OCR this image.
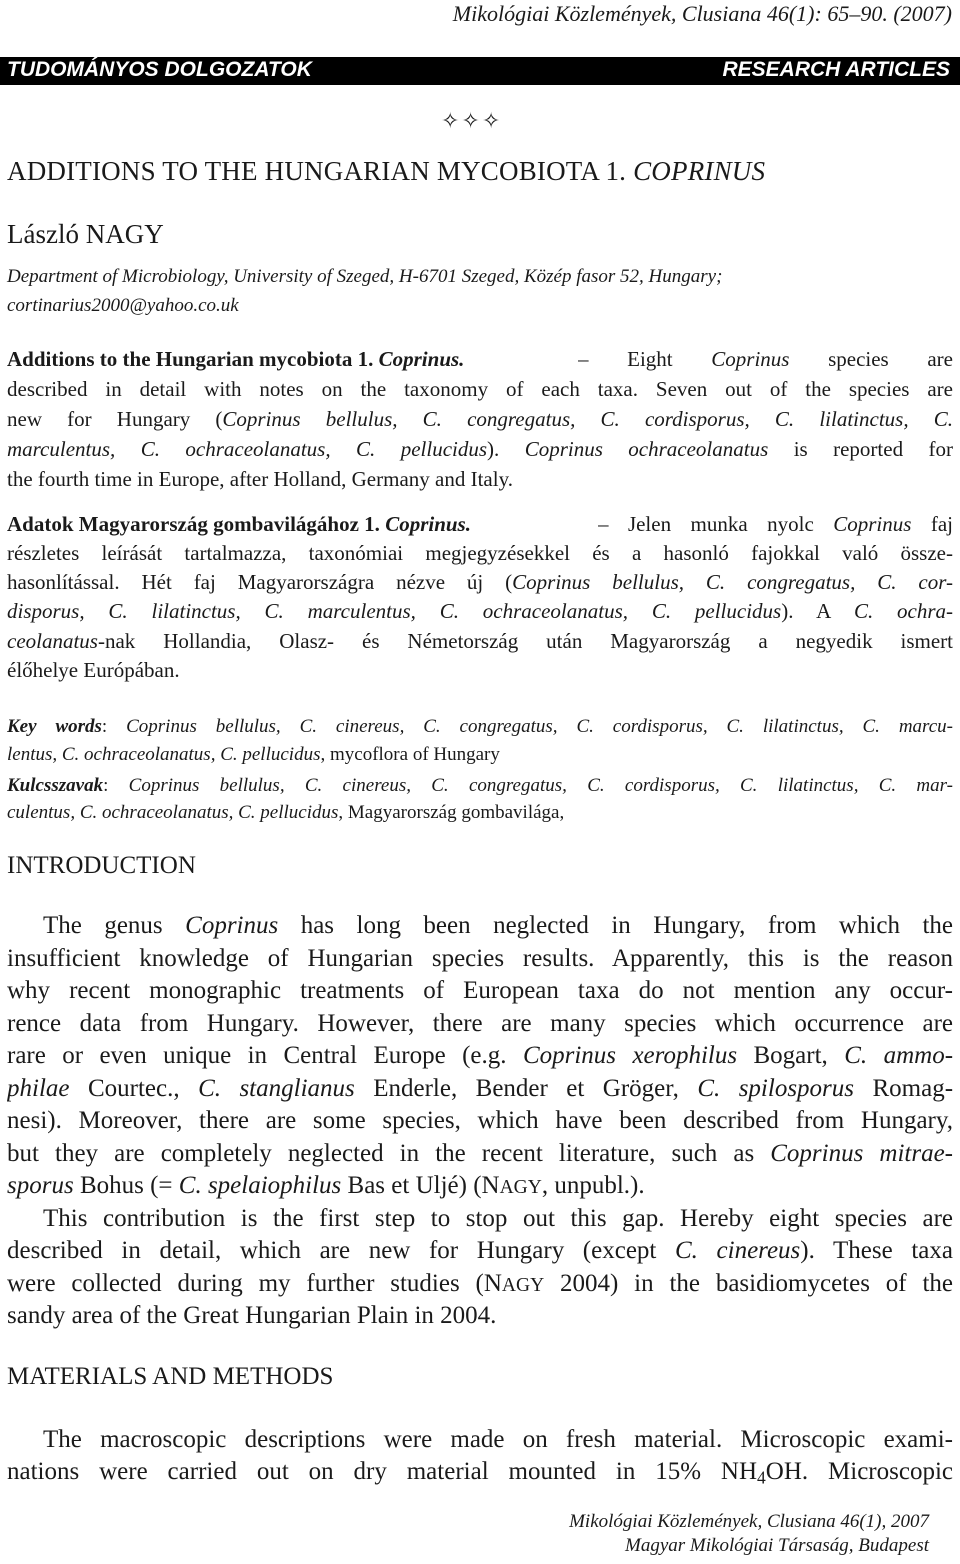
Mikológiai Közlemények, Clusiana 46(1): 65–90. (2007)
TUDOMÁNYOS DOLGOZATOK	RESEARCH ARTICLES
✧✧✧
ADDITIONS TO THE HUNGARIAN MYCOBIOTA 1. COPRINUS
László NAGY
Department of Microbiology, University of Szeged, H-6701 Szeged, Közép fasor 52, Hungary;
cortinarius2000@yahoo.co.uk
Additions to the Hungarian mycobiota 1. Coprinus.	– Eight Coprinus species are
described in detail with notes on the taxonomy of each taxa. Seven out of the species are
new for Hungary (Coprinus bellulus, C. congregatus, C. cordisporus, C. lilatinctus, C.
marculentus, C. ochraceolanatus, C. pellucidus). Coprinus ochraceolanatus is reported for
the fourth time in Europe, after Holland, Germany and Italy.
Adatok Magyarország gombavilágához 1. Coprinus.	– Jelen munka nyolc Coprinus faj
részletes leírását tartalmazza, taxonómiai megjegyzésekkel és a hasonló fajokkal való össze-
hasonlítással. Hét faj Magyarországra nézve új (Coprinus bellulus, C. congregatus, C. cor-
disporus, C. lilatinctus, C. marculentus, C. ochraceolanatus, C. pellucidus). A C. ochra-
ceolanatus-nak Hollandia, Olasz- és Németország után Magyarország a negyedik ismert
élőhelye Európában.
Key words: Coprinus bellulus, C. cinereus, C. congregatus, C. cordisporus, C. lilatinctus, C. marcu-
lentus, C. ochraceolanatus, C. pellucidus, mycoflora of Hungary
Kulcsszavak: Coprinus bellulus, C. cinereus, C. congregatus, C. cordisporus, C. lilatinctus, C. mar-
culentus, C. ochraceolanatus, C. pellucidus, Magyarország gombavilága,
INTRODUCTION
The genus Coprinus has long been neglected in Hungary, from which the
insufficient knowledge of Hungarian species results. Apparently, this is the reason
why recent monographic treatments of European taxa do not mention any occur-
rence data from Hungary. However, there are many species which occurrence are
rare or even unique in Central Europe (e.g. Coprinus xerophilus Bogart, C. ammo-
philae Courtec., C. stanglianus Enderle, Bender et Gröger, C. spilosporus Romag-
nesi). Moreover, there are some species, which have been described from Hungary,
but they are completely neglected in the recent literature, such as Coprinus mitrae-
sporus Bohus (= C. spelaiophilus Bas et Uljé) (NAGY, unpubl.).
This contribution is the first step to stop out this gap. Hereby eight species are
described in detail, which are new for Hungary (except C. cinereus). These taxa
were collected during my further studies (NAGY 2004) in the basidiomycetes of the
sandy area of the Great Hungarian Plain in 2004.
MATERIALS AND METHODS
The macroscopic descriptions were made on fresh material. Microscopic exami-
nations were carried out on dry material mounted in 15% $NH_4OH$. Microscopic
Mikológiai Közlemények, Clusiana 46(1), 2007
Magyar Mikológiai Társaság, Budapest
